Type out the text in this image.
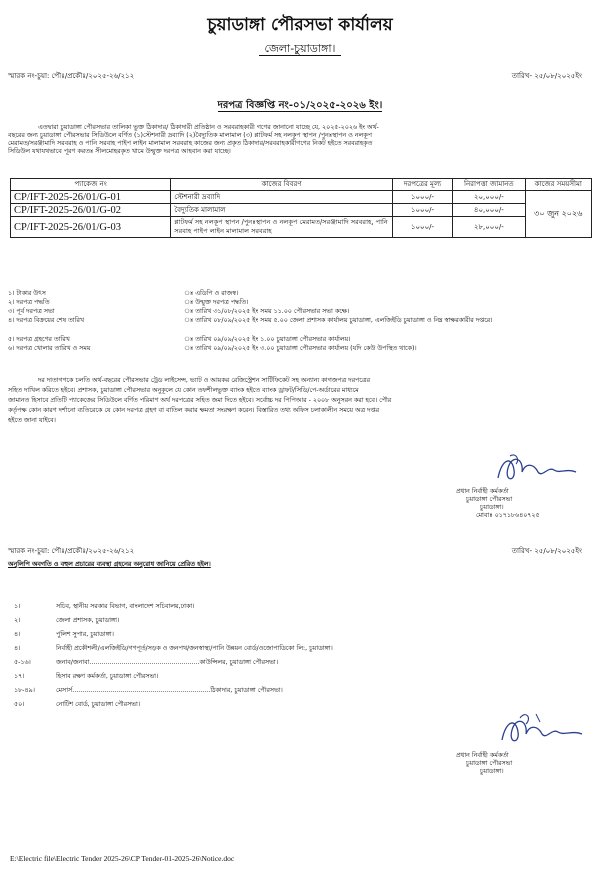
চুয়াডাঙ্গা পৌরসভা কার্যালয়
জেলা-চুয়াডাঙ্গা।
স্মারক নং-চুয়া: পৌঃ/প্রকৌঃ/২০২৫-২৬/২১২	তারিখ- ২৫/০৮/২০২৫ইং
দরপত্র বিজ্ঞপ্তি নং-০১/২০২৫-২০২৬ ইং।
এতদ্বারা চুয়াডাঙ্গা পৌরসভার তালিকা ভুক্ত ঠিকাদার/ ঠিকাদারী প্রতিষ্ঠান ও সরবরাহকারী গণের জানানো যাচ্ছে যে, ২০২৫-২০২৬ ইং অর্থ-
বছরের জন্য চুয়াডাঙ্গা পৌরসভার সিডিউলে বর্ণিত (১)স্টেশনারী দ্রব্যাদি (২)বৈদ্যুতিক মালামাল (৩) প্লাটফর্ম সহ নলকূপ স্থাপন /পুনঃস্থাপন ও নলকূপ
মেরামত/সরঞ্জামাদি সরবরাহ ও পানি সরবাহ পাইপ লাইন মালামাল সরবরাহ কাজের জন্য প্রকৃত ঠিকাদার/সরবরাহকারীগণের নিকট হইতে সরবরাহকৃত
সিডিউল যথাযথভাবে পূরণ করতঃ সীলমোহরকৃত খামে উন্মুক্ত দরপত্র আহবান করা যাচ্ছে।
প্যাকেজ নং	কাজের বিবরণ	দরপত্রের মূল্য	নিরাপত্তা জামানত	কাজের সময়সীমা
CP/IFT-2025-26/01/G-01	স্টেশনারী দ্রব্যাদি	১০০০/-	২০,০০০/-	৩০ জুন ২০২৬
CP/IFT-2025-26/01/G-02	বৈদ্যুতিক মালামাল	১০০০/-	৪০,০০০/-	
CP/IFT-2025-26/01/G-03	প্লাটফর্ম সহ নলকূপ স্থাপন /পুনঃস্থাপন ও নলকূপ মেরামত/সরঞ্জামাদি সরবরাহ, পানি সরবাহ পাইপ লাইন মালামাল সরবরাহ	১০০০/-	২৮,০০০/-	
১। টাকার উৎস	ঃ এডিপি ও রাজস্ব।
২। দরপত্র পদ্ধতি	ঃ উন্মুক্ত দরপত্র পদ্ধতি।
৩। পূর্ব দরপত্র সভা	ঃ তারিখ ৩১/০৮/২০২৫ ইং সময় ১১.০০ পৌরসভার সভা কক্ষে।
৪। দরপত্র বিক্রয়ের শেষ তারিখ	ঃ তারিখ ০৮/০৯/২০২৫ ইং সময় ৫.০০ জেলা প্রশাসক কার্যালয় চুয়াডাঙ্গা, এলজিইডি চুয়াডাঙ্গা ও নিম্ন স্বাক্ষরকারীর দপ্তরে।
৫। দরপত্র গ্রহণের তারিখ	ঃ তারিখ ০৯/০৯/২০২৫ ইং ১.০০ চুয়াডাঙ্গা পৌরসভার কার্যালয়।
৬। দরপত্র খোলার তারিখ ও সময়	ঃ তারিখ ০৯/০৯/২০২৫ ইং ৩.০০ চুয়াডাঙ্গা পৌরসভার কার্যালয় (যদি কেউ উপস্থিত থাকে)।
দর দাতাগণকে চলতি অর্থ-বছরের পৌরসভার ট্রেড লাইসেন্স, ভ্যাট ও আয়কর রেজিস্ট্রেশন সার্টিফিকেট সহ অন্যান্য কাগজপত্র দরপত্রের
সহিত দাখিল করিতে হইবে। প্রশাসক, চুয়াডাঙ্গা পৌরসভার অনুকূলে যে কোন তফশীলভুক্ত ব্যাংক হইতে ব্যাংক ড্রাফট/সিডি/পে-অর্ডারের মাধ্যমে
জামানত হিসাবে প্রতিটি প্যাকেজের সিডিউলে বর্ণিত পরিমাণ অর্থ দরপত্রের সহিত জমা দিতে হইবে। সর্বোচ্চ দর পিপিআর - ২০০৮ অনুসরন করা হবে। পৌর
কর্তৃপক্ষ কোন কারণ দর্শানো ব্যতিরেকে যে কোন দরপত্র গ্রহণ বা বাতিল করার ক্ষমতা সংরক্ষণ করেন। বিস্তারিত তথ্য অফিস চলাকালীন সময়ে অত্র দপ্তর
হইতে জানা যাইবে।
প্রধান নির্বাহী কর্মকর্তা
চুয়াডাঙ্গা পৌরসভা
চুয়াডাঙ্গা।
মোবাঃ ০১৭১৮৬৪০৭২৫
স্মারক নং-চুয়া: পৌঃ/প্রকৌঃ/২০২৫-২৬/২১২	তারিখ- ২৫/০৮/২০২৫ইং
অনুলিপি অবগতি ও বহুল প্রচারের ব্যবস্থা গ্রহনের অনুরোধ জানিয়ে প্রেরিত হইল।
১।	সচিব, স্থানীয় সরকার বিভাগ, বাংলাদেশ সচিবালয়,ঢাকা।
২।	জেলা প্রশাসক, চুয়াডাঙ্গা।
৪।	পুলিশ সুপার, চুয়াডাঙ্গা।
৪।	নির্বাহী প্রকৌশলী/এলজিইডি/গণপূর্ত/সড়ক ও জনপথ/জনস্বাস্থ্য/পানি উন্নয়ন বোর্ড/ওজোপাডিকো লি:, চুয়াডাঙ্গা।
৫-১৬।	জনাব/জনাবা.......................................................কাউন্সিলর, চুয়াডাঙ্গা পৌরসভা।
১৭।	হিসাব রক্ষণ কর্মকর্তা, চুয়াডাঙ্গা পৌরসভা।
১৮-৪৯।	মেসার্স.....................................................................ঠিকাদার, চুয়াডাঙ্গা পৌরসভা।
৫০।	নোটিশ বোর্ড, চুয়াডাঙ্গা পৌরসভা।
প্রধান নির্বাহী কর্মকর্তা
চুয়াডাঙ্গা পৌরসভা
চুয়াডাঙ্গা।
E:\Electric file\Electric Tender 2025-26\CP Tender-01-2025-26\Notice.doc
